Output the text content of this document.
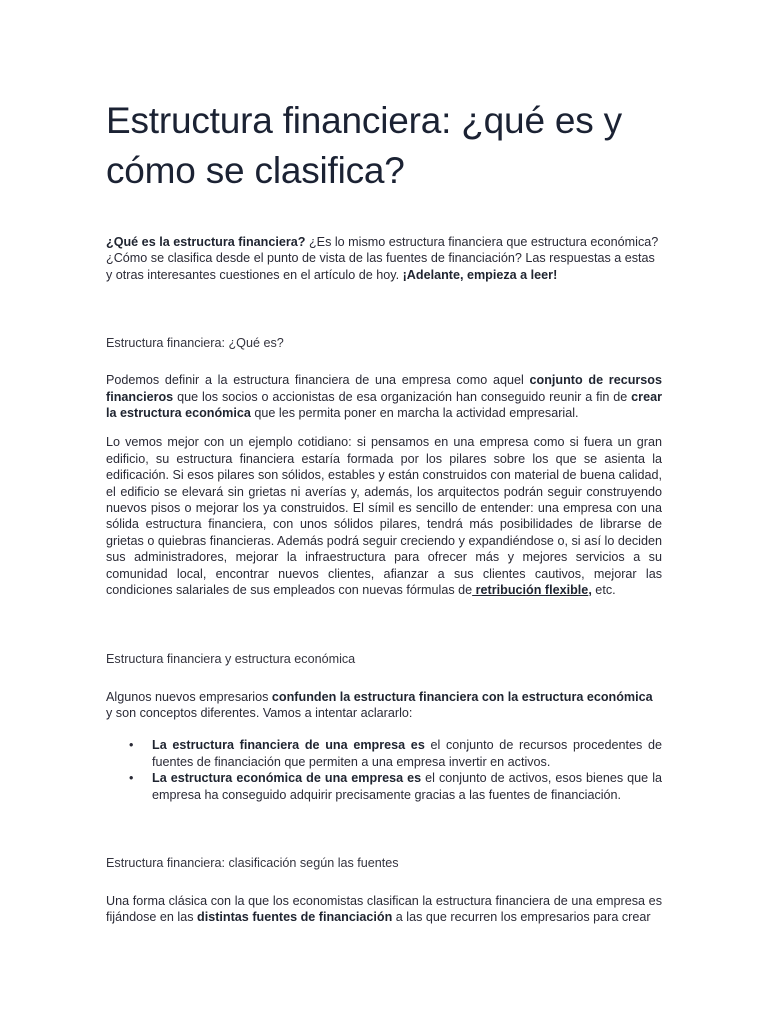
Estructura financiera: ¿qué es y cómo se clasifica?

¿Qué es la estructura financiera? ¿Es lo mismo estructura financiera que estructura económica? ¿Cómo se clasifica desde el punto de vista de las fuentes de financiación? Las respuestas a estas y otras interesantes cuestiones en el artículo de hoy. ¡Adelante, empieza a leer!

Estructura financiera: ¿Qué es?

Podemos definir a la estructura financiera de una empresa como aquel conjunto de recursos financieros que los socios o accionistas de esa organización han conseguido reunir a fin de crear la estructura económica que les permita poner en marcha la actividad empresarial.

Lo vemos mejor con un ejemplo cotidiano: si pensamos en una empresa como si fuera un gran edificio, su estructura financiera estaría formada por los pilares sobre los que se asienta la edificación. Si esos pilares son sólidos, estables y están construidos con material de buena calidad, el edificio se elevará sin grietas ni averías y, además, los arquitectos podrán seguir construyendo nuevos pisos o mejorar los ya construidos. El símil es sencillo de entender: una empresa con una sólida estructura financiera, con unos sólidos pilares, tendrá más posibilidades de librarse de grietas o quiebras financieras. Además podrá seguir creciendo y expandiéndose o, si así lo deciden sus administradores, mejorar la infraestructura para ofrecer más y mejores servicios a su comunidad local, encontrar nuevos clientes, afianzar a sus clientes cautivos, mejorar las condiciones salariales de sus empleados con nuevas fórmulas de retribución flexible, etc.

Estructura financiera y estructura económica

Algunos nuevos empresarios confunden la estructura financiera con la estructura económica y son conceptos diferentes. Vamos a intentar aclararlo:

• La estructura financiera de una empresa es el conjunto de recursos procedentes de fuentes de financiación que permiten a una empresa invertir en activos.
• La estructura económica de una empresa es el conjunto de activos, esos bienes que la empresa ha conseguido adquirir precisamente gracias a las fuentes de financiación.

Estructura financiera: clasificación según las fuentes

Una forma clásica con la que los economistas clasifican la estructura financiera de una empresa es fijándose en las distintas fuentes de financiación a las que recurren los empresarios para crear
